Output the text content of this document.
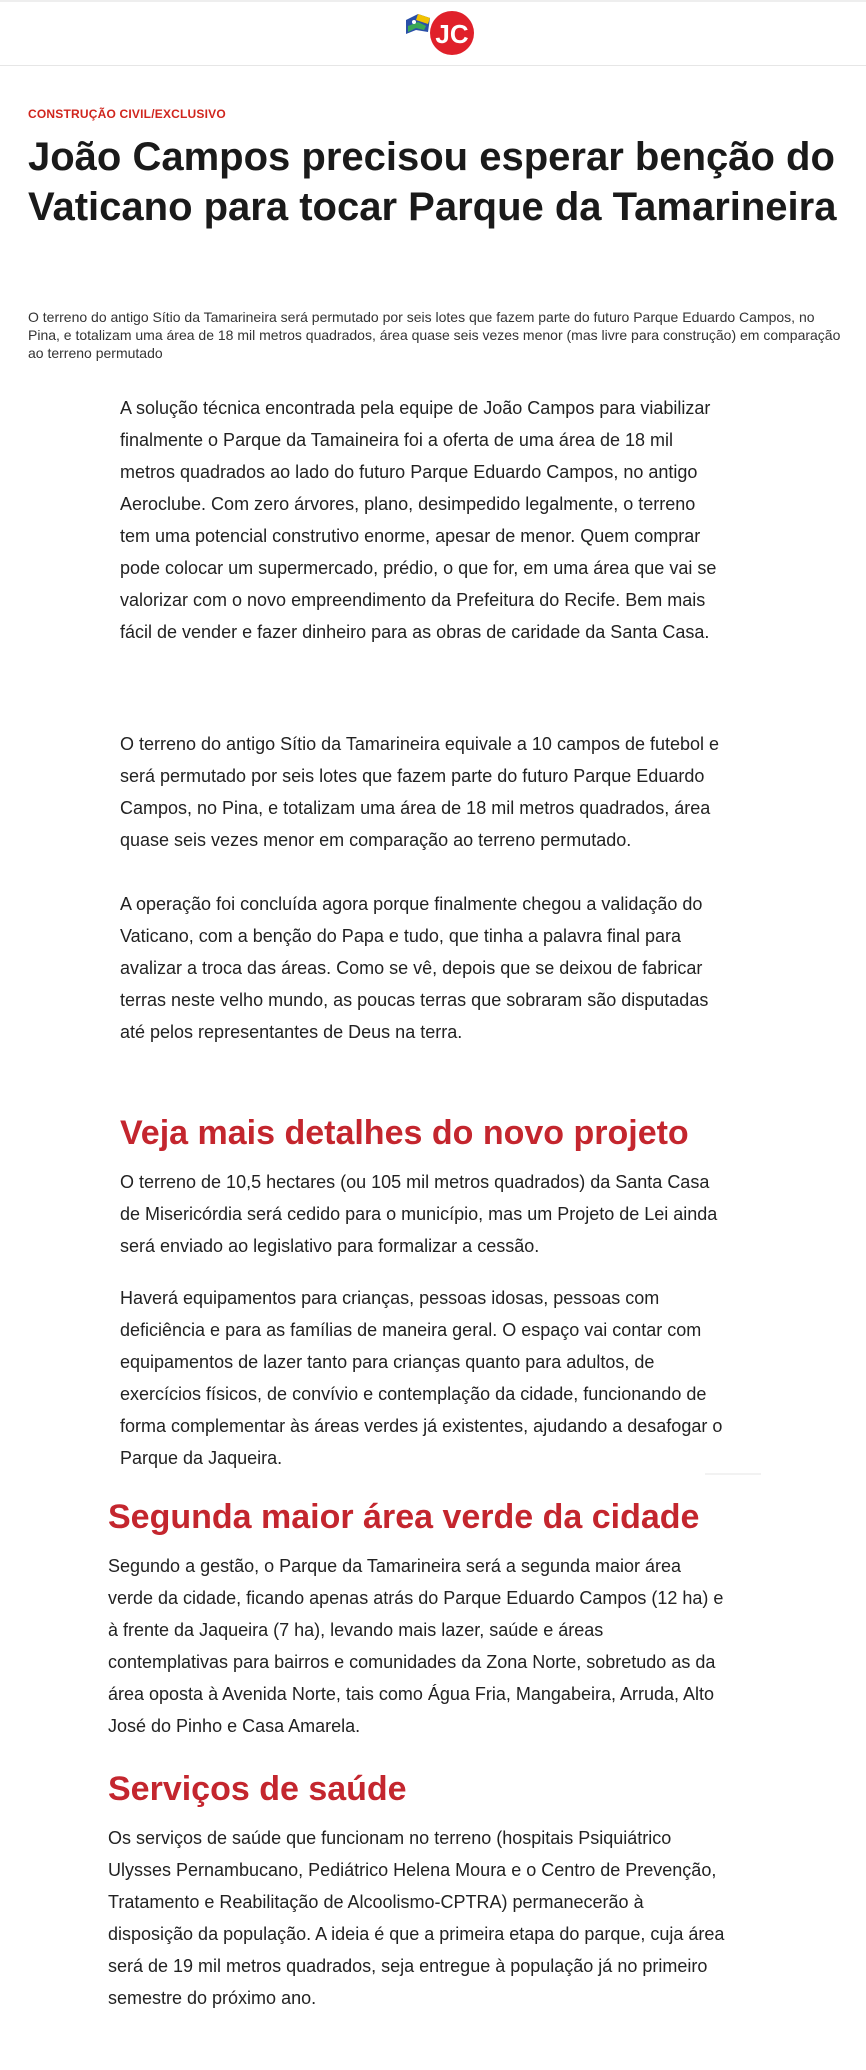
JC
CONSTRUÇÃO CIVIL/EXCLUSIVO
João Campos precisou esperar benção do Vaticano para tocar Parque da Tamarineira

O terreno do antigo Sítio da Tamarineira será permutado por seis lotes que fazem parte do futuro Parque Eduardo Campos, no Pina, e totalizam uma área de 18 mil metros quadrados, área quase seis vezes menor (mas livre para construção) em comparação ao terreno permutado

A solução técnica encontrada pela equipe de João Campos para viabilizar finalmente o Parque da Tamaineira foi a oferta de uma área de 18 mil metros quadrados ao lado do futuro Parque Eduardo Campos, no antigo Aeroclube. Com zero árvores, plano, desimpedido legalmente, o terreno tem uma potencial construtivo enorme, apesar de menor. Quem comprar pode colocar um supermercado, prédio, o que for, em uma área que vai se valorizar com o novo empreendimento da Prefeitura do Recife. Bem mais fácil de vender e fazer dinheiro para as obras de caridade da Santa Casa.

O terreno do antigo Sítio da Tamarineira equivale a 10 campos de futebol e será permutado por seis lotes que fazem parte do futuro Parque Eduardo Campos, no Pina, e totalizam uma área de 18 mil metros quadrados, área quase seis vezes menor em comparação ao terreno permutado.

A operação foi concluída agora porque finalmente chegou a validação do Vaticano, com a benção do Papa e tudo, que tinha a palavra final para avalizar a troca das áreas. Como se vê, depois que se deixou de fabricar terras neste velho mundo, as poucas terras que sobraram são disputadas até pelos representantes de Deus na terra.

Veja mais detalhes do novo projeto

O terreno de 10,5 hectares (ou 105 mil metros quadrados) da Santa Casa de Misericórdia será cedido para o município, mas um Projeto de Lei ainda será enviado ao legislativo para formalizar a cessão.

Haverá equipamentos para crianças, pessoas idosas, pessoas com deficiência e para as famílias de maneira geral. O espaço vai contar com equipamentos de lazer tanto para crianças quanto para adultos, de exercícios físicos, de convívio e contemplação da cidade, funcionando de forma complementar às áreas verdes já existentes, ajudando a desafogar o Parque da Jaqueira.

Segunda maior área verde da cidade

Segundo a gestão, o Parque da Tamarineira será a segunda maior área verde da cidade, ficando apenas atrás do Parque Eduardo Campos (12 ha) e à frente da Jaqueira (7 ha), levando mais lazer, saúde e áreas contemplativas para bairros e comunidades da Zona Norte, sobretudo as da área oposta à Avenida Norte, tais como Água Fria, Mangabeira, Arruda, Alto José do Pinho e Casa Amarela.

Serviços de saúde

Os serviços de saúde que funcionam no terreno (hospitais Psiquiátrico Ulysses Pernambucano, Pediátrico Helena Moura e o Centro de Prevenção, Tratamento e Reabilitação de Alcoolismo-CPTRA) permanecerão à disposição da população. A ideia é que a primeira etapa do parque, cuja área será de 19 mil metros quadrados, seja entregue à população já no primeiro semestre do próximo ano.
